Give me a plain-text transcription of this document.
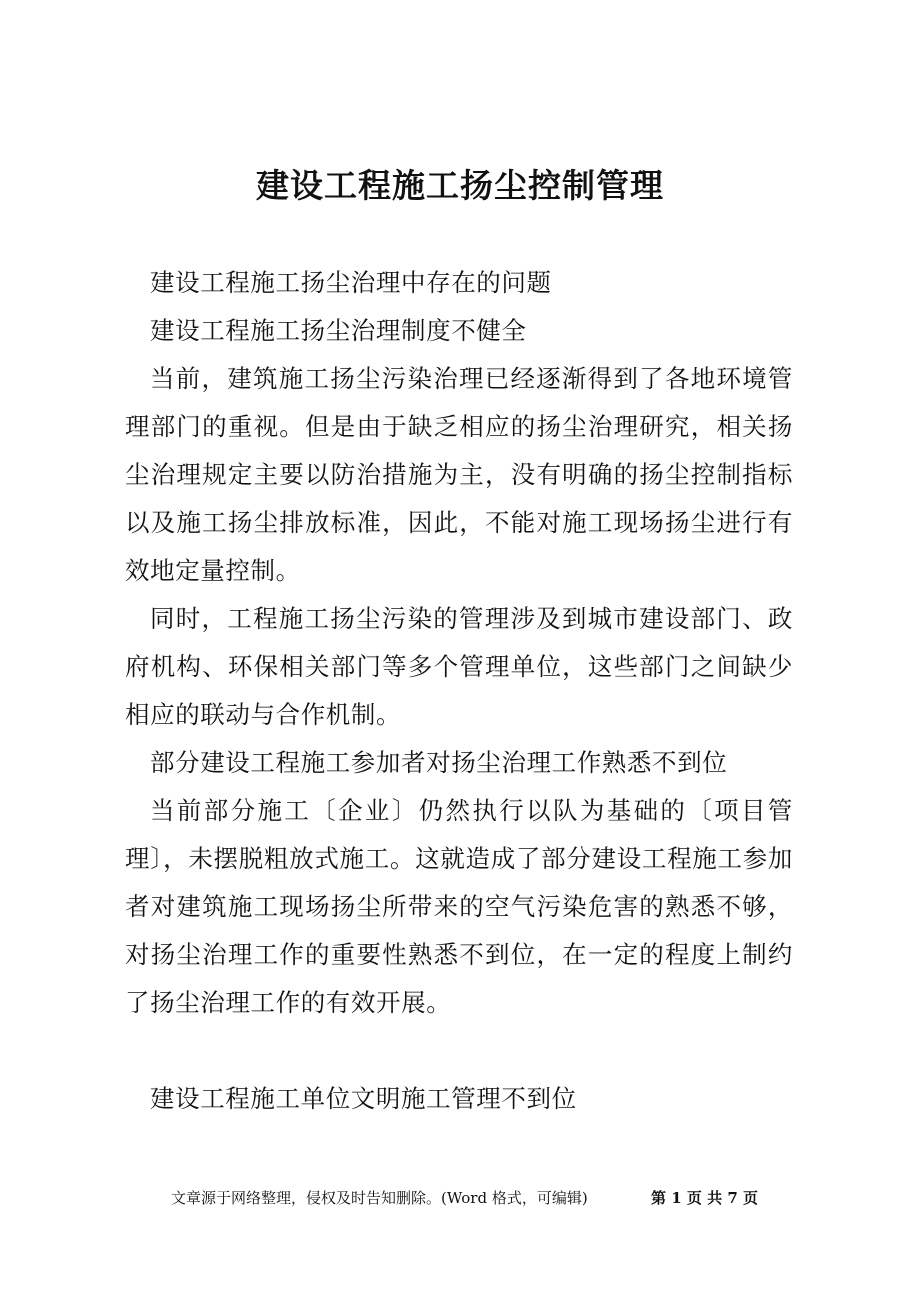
建设工程施工扬尘控制管理

建设工程施工扬尘治理中存在的问题

建设工程施工扬尘治理制度不健全

当前，建筑施工扬尘污染治理已经逐渐得到了各地环境管理部门的重视。但是由于缺乏相应的扬尘治理研究，相关扬尘治理规定主要以防治措施为主，没有明确的扬尘控制指标以及施工扬尘排放标准，因此，不能对施工现场扬尘进行有效地定量控制。

同时，工程施工扬尘污染的管理涉及到城市建设部门、政府机构、环保相关部门等多个管理单位，这些部门之间缺少相应的联动与合作机制。

部分建设工程施工参加者对扬尘治理工作熟悉不到位

当前部分施工〔企业〕仍然执行以队为基础的〔项目管理〕，未摆脱粗放式施工。这就造成了部分建设工程施工参加者对建筑施工现场扬尘所带来的空气污染危害的熟悉不够，对扬尘治理工作的重要性熟悉不到位，在一定的程度上制约了扬尘治理工作的有效开展。

建设工程施工单位文明施工管理不到位

文章源于网络整理，侵权及时告知删除。(Word 格式，可编辑)	第 1 页 共 7 页
